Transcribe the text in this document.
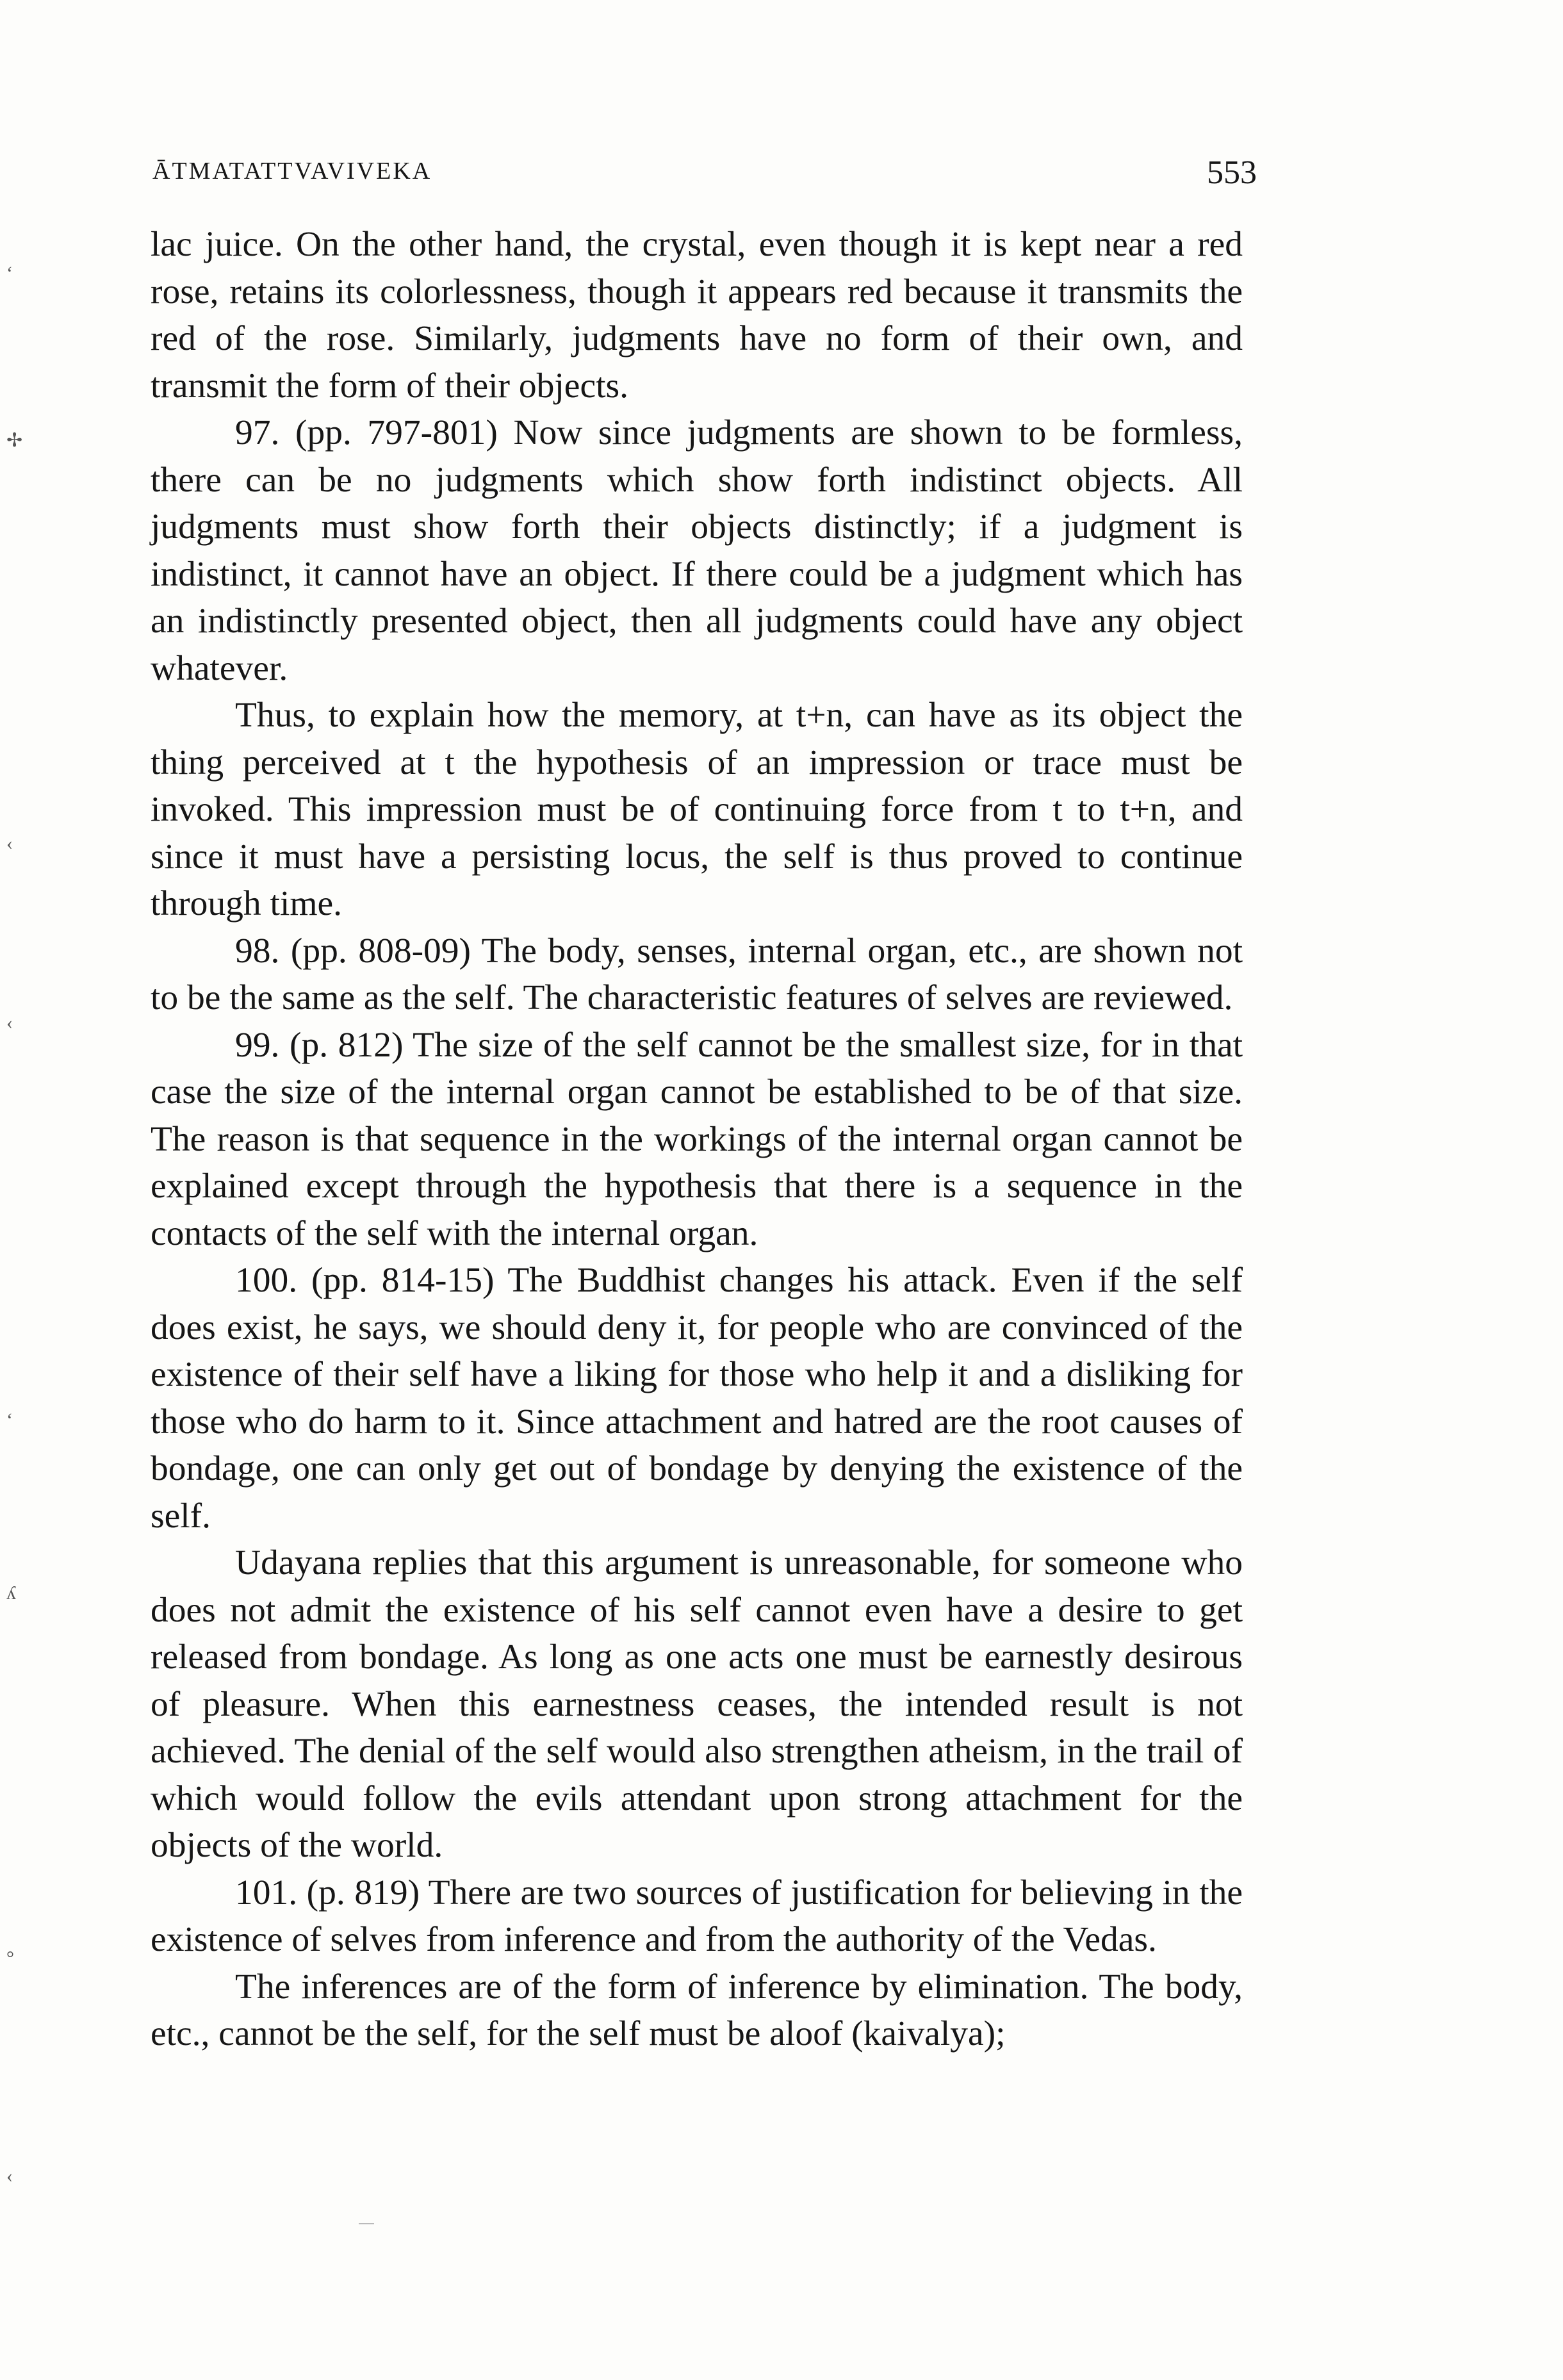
ĀTMATATTVAVIVEKA	553
‘
✢
‹
‹
‘
ʎ
°
‹

lac juice. On the other hand, the crystal, even though it is kept near a red rose, retains its colorlessness, though it appears red because it transmits the red of the rose. Similarly, judgments have no form of their own, and transmit the form of their objects.

97. (pp. 797-801) Now since judgments are shown to be formless, there can be no judgments which show forth indistinct objects. All judgments must show forth their objects distinctly; if a judgment is indistinct, it cannot have an object. If there could be a judgment which has an indistinctly presented object, then all judgments could have any object whatever.

Thus, to explain how the memory, at t+n, can have as its object the thing perceived at t the hypothesis of an impression or trace must be invoked. This impression must be of continuing force from t to t+n, and since it must have a persisting locus, the self is thus proved to continue through time.

98. (pp. 808-09) The body, senses, internal organ, etc., are shown not to be the same as the self. The characteristic features of selves are reviewed.

99. (p. 812) The size of the self cannot be the smallest size, for in that case the size of the internal organ cannot be established to be of that size. The reason is that sequence in the workings of the internal organ cannot be explained except through the hypothesis that there is a sequence in the contacts of the self with the internal organ.

100. (pp. 814-15) The Buddhist changes his attack. Even if the self does exist, he says, we should deny it, for people who are convinced of the existence of their self have a liking for those who help it and a disliking for those who do harm to it. Since attachment and hatred are the root causes of bondage, one can only get out of bondage by denying the existence of the self.

Udayana replies that this argument is unreasonable, for someone who does not admit the existence of his self cannot even have a desire to get released from bondage. As long as one acts one must be earnestly desirous of pleasure. When this earnestness ceases, the intended result is not achieved. The denial of the self would also strengthen atheism, in the trail of which would follow the evils attendant upon strong attachment for the objects of the world.

101. (p. 819) There are two sources of justification for believing in the existence of selves from inference and from the authority of the Vedas.

The inferences are of the form of inference by elimination. The body, etc., cannot be the self, for the self must be aloof (kaivalya);
